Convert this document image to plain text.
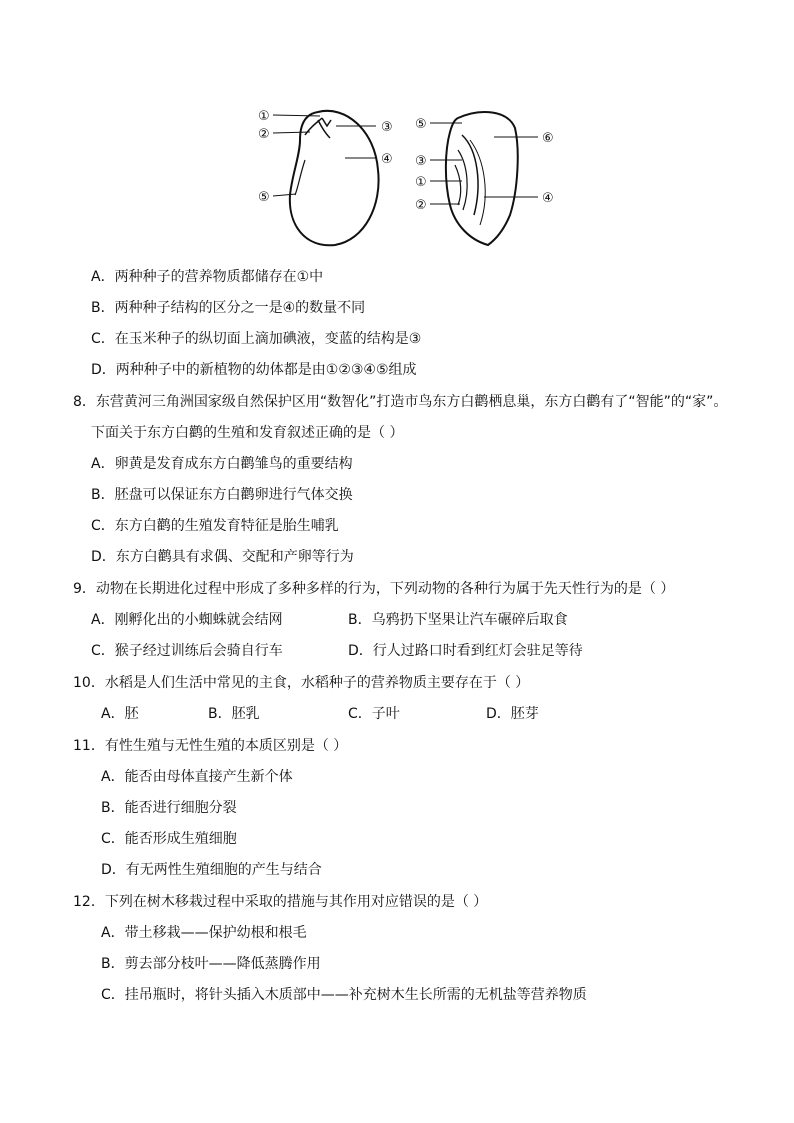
①
②	③
④
⑤
⑤
⑥
③
①
④
②
A．两种种子的营养物质都储存在①中
B．两种种子结构的区分之一是④的数量不同
C．在玉米种子的纵切面上滴加碘液，变蓝的结构是③
D．两种种子中的新植物的幼体都是由①②③④⑤组成
8．东营黄河三角洲国家级自然保护区用“数智化”打造市鸟东方白鹳栖息巢，东方白鹳有了“智能”的“家”。
下面关于东方白鹳的生殖和发育叙述正确的是（ ）
A．卵黄是发育成东方白鹳雏鸟的重要结构
B．胚盘可以保证东方白鹳卵进行气体交换
C．东方白鹳的生殖发育特征是胎生哺乳
D．东方白鹳具有求偶、交配和产卵等行为
9．动物在长期进化过程中形成了多种多样的行为，下列动物的各种行为属于先天性行为的是（ ）
A．刚孵化出的小蜘蛛就会结网	B．乌鸦扔下坚果让汽车碾碎后取食
C．猴子经过训练后会骑自行车	D．行人过路口时看到红灯会驻足等待
10．水稻是人们生活中常见的主食，水稻种子的营养物质主要存在于（ ）
A．胚	B．胚乳	C．子叶	D．胚芽
11．有性生殖与无性生殖的本质区别是（ ）
A．能否由母体直接产生新个体
B．能否进行细胞分裂
C．能否形成生殖细胞
D．有无两性生殖细胞的产生与结合
12．下列在树木移栽过程中采取的措施与其作用对应错误的是（ ）
A．带土移栽——保护幼根和根毛
B．剪去部分枝叶——降低蒸腾作用
C．挂吊瓶时，将针头插入木质部中——补充树木生长所需的无机盐等营养物质
